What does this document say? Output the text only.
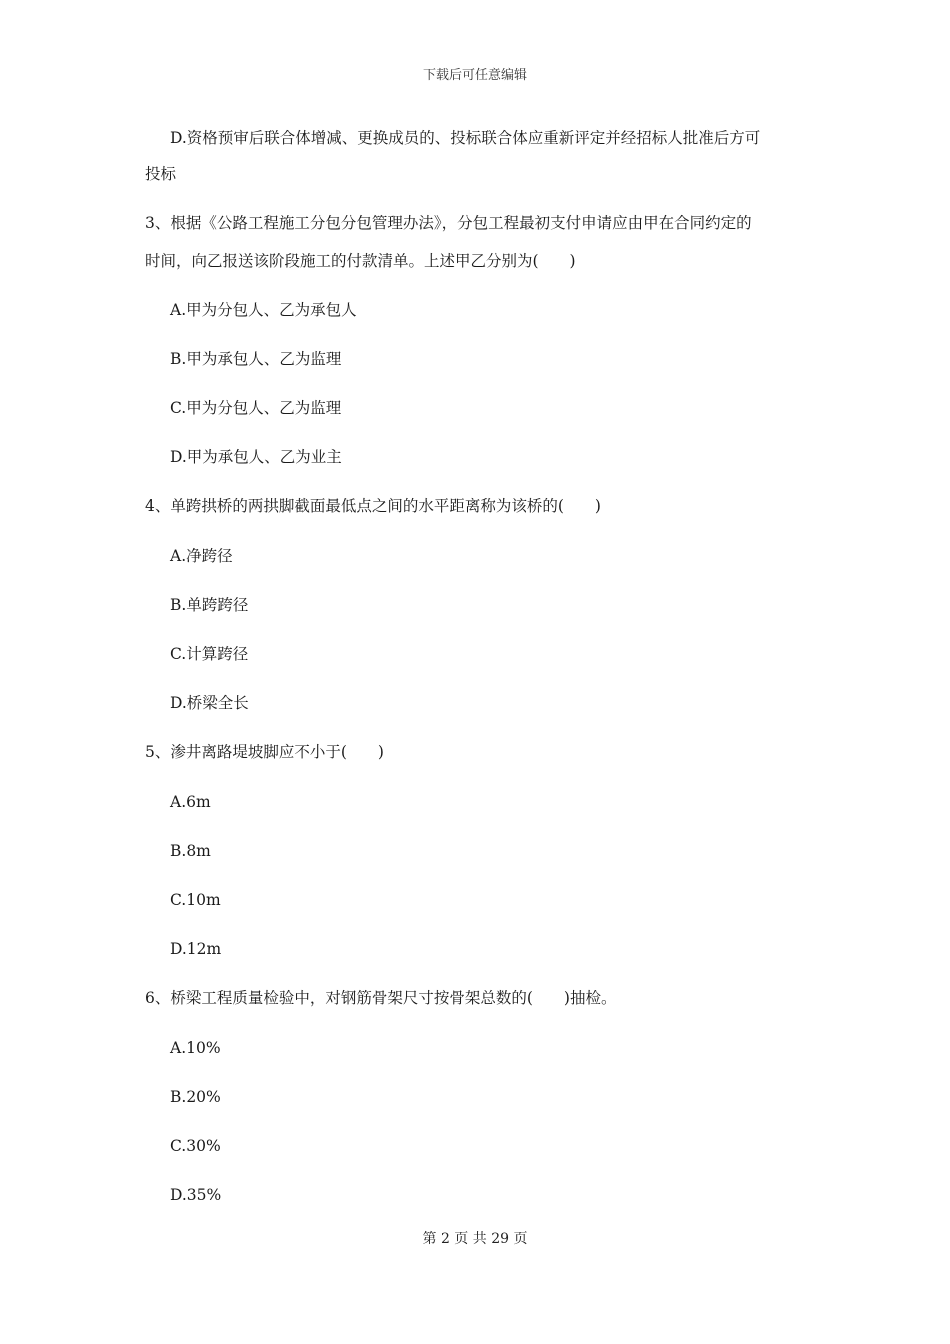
下载后可任意编辑
D.资格预审后联合体增减、更换成员的、投标联合体应重新评定并经招标人批准后方可
投标
3、根据《公路工程施工分包分包管理办法》，分包工程最初支付申请应由甲在合同约定的
时间，向乙报送该阶段施工的付款清单。上述甲乙分别为(　　)
A.甲为分包人、乙为承包人
B.甲为承包人、乙为监理
C.甲为分包人、乙为监理
D.甲为承包人、乙为业主
4、单跨拱桥的两拱脚截面最低点之间的水平距离称为该桥的(　　)
A.净跨径
B.单跨跨径
C.计算跨径
D.桥梁全长
5、渗井离路堤坡脚应不小于(　　)
A.6m
B.8m
C.10m
D.12m
6、桥梁工程质量检验中，对钢筋骨架尺寸按骨架总数的(　　)抽检。
A.10%
B.20%
C.30%
D.35%
第 2 页 共 29 页
